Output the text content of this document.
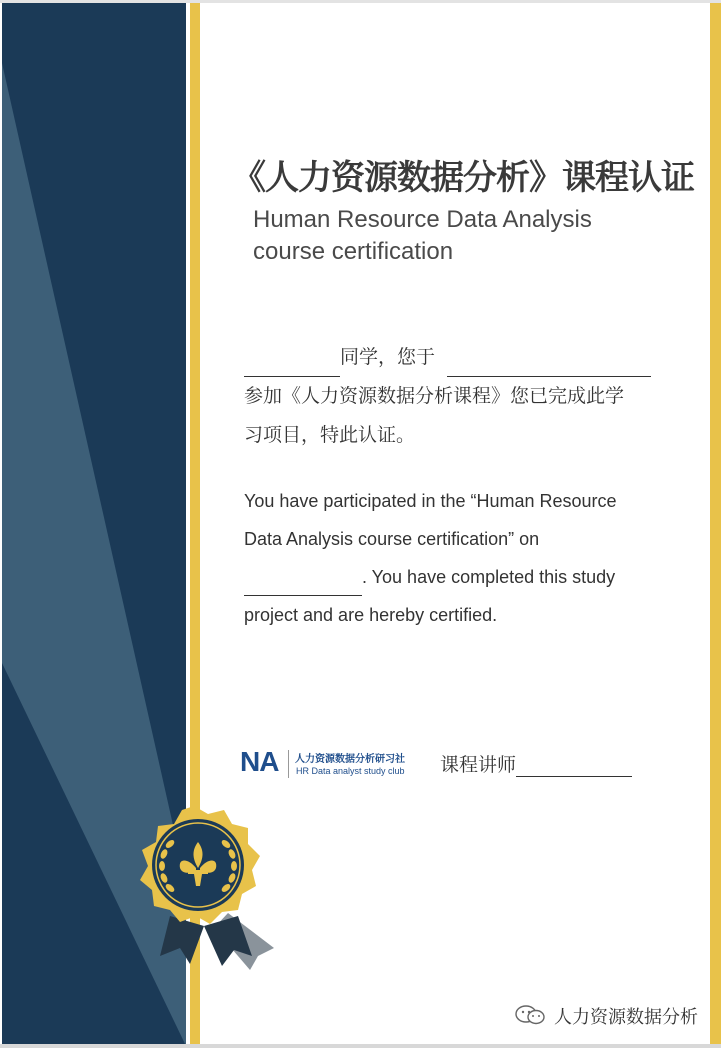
《人力资源数据分析》课程认证
Human Resource Data Analysis
course certification
同学，您于
参加《人力资源数据分析课程》您已完成此学
习项目，特此认证。
You have participated in the “Human Resource
Data Analysis course certification” on
. You have completed this study
project and are hereby certified.
NA 人力资源数据分析研习社
HR Data analyst study club 课程讲师
人力资源数据分析
